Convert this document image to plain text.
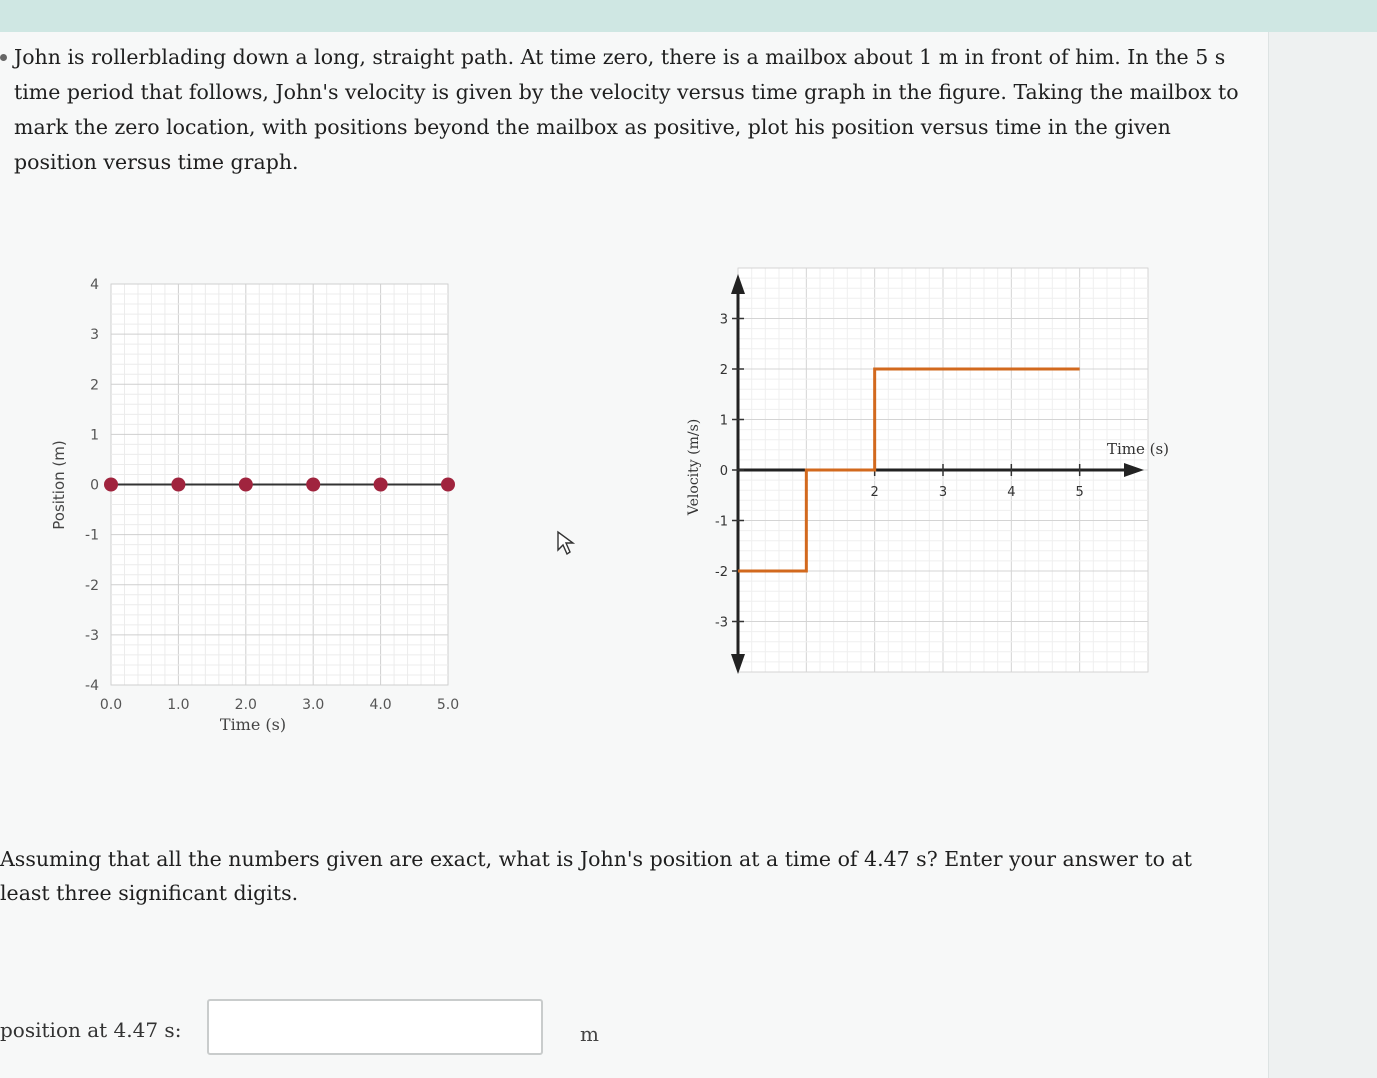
John is rollerblading down a long, straight path. At time zero, there is a mailbox about 1 m in front of him. In the 5 s time period that follows, John's velocity is given by the velocity versus time graph in the figure. Taking the mailbox to mark the zero location, with positions beyond the mailbox as positive, plot his position versus time in the given position versus time graph.
0.0	1.0	2.0	3.0	4.0	5.0
4
3
2
1
0
-1
-2
-3
-4
Position (m)
Time (s)
2	3	4	5
3
2
1
0
-1
-2
-3
Velocity (m/s)	Time (s)
Assuming that all the numbers given are exact, what is John's position at a time of 4.47 s? Enter your answer to at least three significant digits.
position at 4.47 s:	m
